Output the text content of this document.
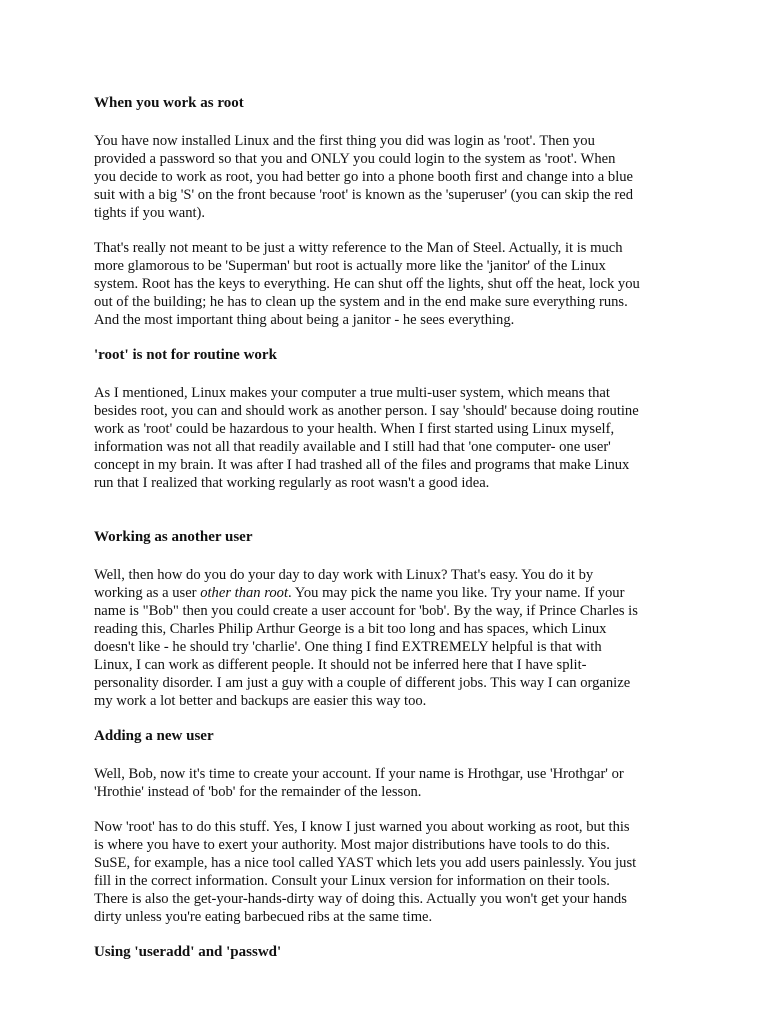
When you work as root

You have now installed Linux and the first thing you did was login as 'root'. Then you
provided a password so that you and ONLY you could login to the system as 'root'. When
you decide to work as root, you had better go into a phone booth first and change into a blue
suit with a big 'S' on the front because 'root' is known as the 'superuser' (you can skip the red
tights if you want).

That's really not meant to be just a witty reference to the Man of Steel. Actually, it is much
more glamorous to be 'Superman' but root is actually more like the 'janitor' of the Linux
system. Root has the keys to everything. He can shut off the lights, shut off the heat, lock you
out of the building; he has to clean up the system and in the end make sure everything runs.
And the most important thing about being a janitor - he sees everything.

'root' is not for routine work

As I mentioned, Linux makes your computer a true multi-user system, which means that
besides root, you can and should work as another person. I say 'should' because doing routine
work as 'root' could be hazardous to your health. When I first started using Linux myself,
information was not all that readily available and I still had that 'one computer- one user'
concept in my brain. It was after I had trashed all of the files and programs that make Linux
run that I realized that working regularly as root wasn't a good idea.

Working as another user

Well, then how do you do your day to day work with Linux? That's easy. You do it by
working as a user other than root. You may pick the name you like. Try your name. If your
name is "Bob" then you could create a user account for 'bob'. By the way, if Prince Charles is
reading this, Charles Philip Arthur George is a bit too long and has spaces, which Linux
doesn't like - he should try 'charlie'. One thing I find EXTREMELY helpful is that with
Linux, I can work as different people. It should not be inferred here that I have split-
personality disorder. I am just a guy with a couple of different jobs. This way I can organize
my work a lot better and backups are easier this way too.

Adding a new user

Well, Bob, now it's time to create your account. If your name is Hrothgar, use 'Hrothgar' or
'Hrothie' instead of 'bob' for the remainder of the lesson.

Now 'root' has to do this stuff. Yes, I know I just warned you about working as root, but this
is where you have to exert your authority. Most major distributions have tools to do this.
SuSE, for example, has a nice tool called YAST which lets you add users painlessly. You just
fill in the correct information. Consult your Linux version for information on their tools.
There is also the get-your-hands-dirty way of doing this. Actually you won't get your hands
dirty unless you're eating barbecued ribs at the same time.

Using 'useradd' and 'passwd'
